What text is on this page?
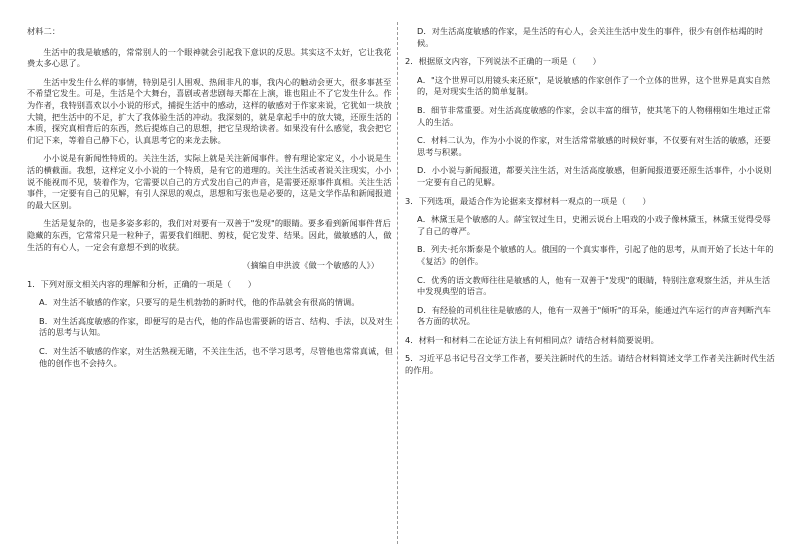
材料二：

生活中的我是敏感的，常常别人的一个眼神就会引起我下意识的反思。其实这不太好，它让我花费太多心思了。

生活中发生什么样的事情，特别是引人围观、热闹非凡的事，我内心的触动会更大，很多事甚至不希望它发生。可是，生活是个大舞台，喜剧或者悲剧每天都在上演，谁也阻止不了它发生什么。作为作者，我特别喜欢以小小说的形式，捕捉生活中的感动，这样的敏感对于作家来说，它犹如一块放大镜，把生活中的不足，扩大了我体验生活的冲动。我深刻的，就是拿起手中的放大镜，还原生活的本质，探究真相背后的东西，然后提炼自己的思想，把它呈现给读者。如果没有什么感觉，我会把它们记下来，等着自己静下心，认真思考它的来龙去脉。

小小说是有新闻性特质的。关注生活，实际上就是关注新闻事件。曾有理论家定义，小小说是生活的横截面。我想，这样定义小小说的一个特质，是有它的道理的。关注生活或者说关注现实，小小说不能视而不见，装着作为，它需要以自己的方式发出自己的声音，是需要还原事件真相。关注生活事件，一定要有自己的见解，有引人深思的观点，思想和写张也是必要的，这是文学作品和新闻报道的最大区别。

生活是复杂的，也是多姿多彩的，我们对对要有一双善于"发现"的眼睛。要多看到新闻事件背后隐藏的东西，它常常只是一粒种子，需要我们细肥、剪枝，促它发芽、结果。因此，做敏感的人，做生活的有心人，一定会有意想不到的收获。

（摘编自申洪波《做一个敏感的人》）

1．下列对原文相关内容的理解和分析，正确的一项是（　　）

A．对生活不敏感的作家，只要写的是生机勃勃的新时代，他的作品就会有很高的情调。

B．对生活高度敏感的作家，即便写的是古代，他的作品也需要新的语言、结构、手法，以及对生活的思考与认知。

C．对生活不敏感的作家，对生活熟视无睹，不关注生活，也不学习思考，尽管他也常常真诚，但他的创作也不会持久。

D．对生活高度敏感的作家，是生活的有心人，会关注生活中发生的事件，很少有创作枯竭的时候。

2．根据原文内容，下列说法不正确的一项是（　　）

A．"这个世界可以用镜头来还原"，是说敏感的作家创作了一个立体的世界，这个世界是真实自然的，是对现实生活的简单复制。

B．细节非常重要。对生活高度敏感的作家，会以丰富的细节，使其笔下的人物栩栩如生地过正常人的生活。

C．材料二认为，作为小小说的作家，对生活常常敏感的时候好事，不仅要有对生活的敏感，还要思考与积累。

D．小小说与新闻报道，都要关注生活，对生活高度敏感，但新闻报道要还原生活事件，小小说则一定要有自己的见解。

3．下列选项，最适合作为论据来支撑材料一观点的一项是（　　）

A．林黛玉是个敏感的人。薛宝钗过生日，史湘云说台上唱戏的小戏子像林黛玉，林黛玉觉得受辱了自己的尊严。

B．列夫·托尔斯泰是个敏感的人。俄国的一个真实事件，引起了他的思考，从而开始了长达十年的《复活》的创作。

C．优秀的语文教师往往是敏感的人，他有一双善于"发现"的眼睛，特别注意观察生活，并从生活中发现典型的语言。

D．有经验的司机往往是敏感的人，他有一双善于"倾听"的耳朵，能通过汽车运行的声音判断汽车各方面的状况。

4．材料一和材料二在论证方法上有何相同点？请结合材料简要说明。

5．习近平总书记号召文学工作者，要关注新时代的生活。请结合材料简述文学工作者关注新时代生活的作用。
